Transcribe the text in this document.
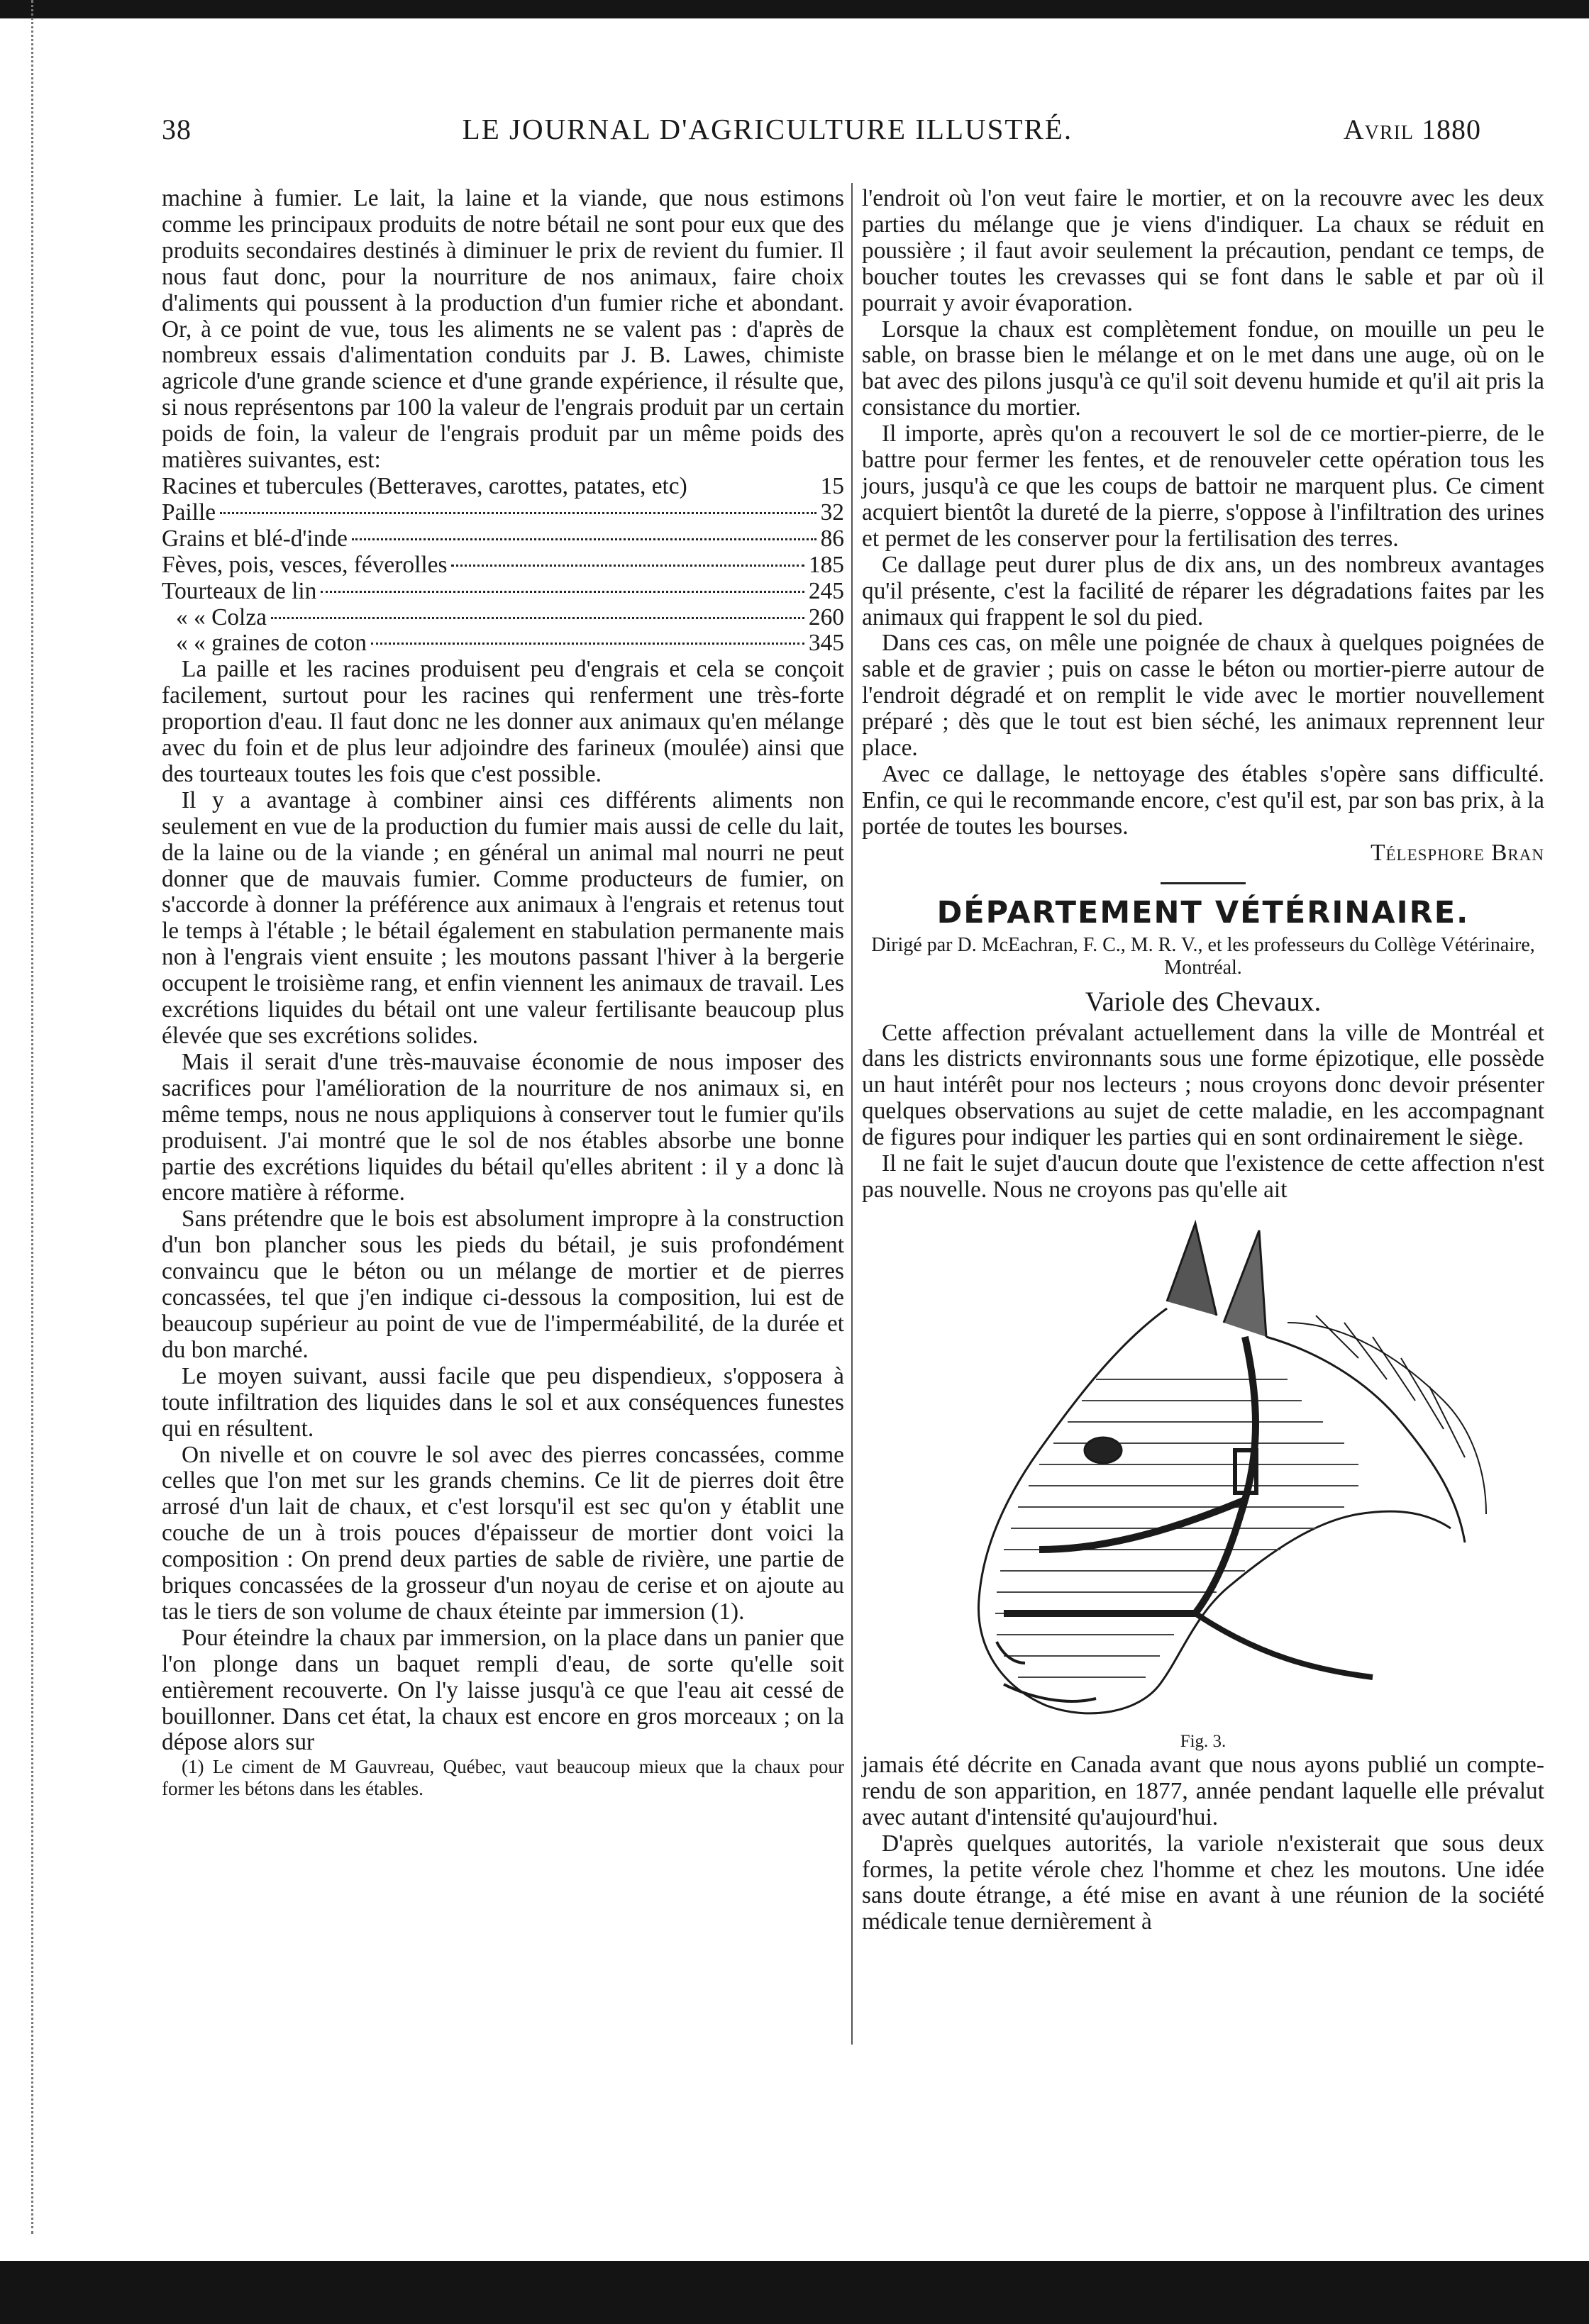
38	LE JOURNAL D'AGRICULTURE ILLUSTRÉ.	Avril 1880

machine à fumier. Le lait, la laine et la viande, que nous estimons comme les principaux produits de notre bétail ne sont pour eux que des produits secondaires destinés à diminuer le prix de revient du fumier. Il nous faut donc, pour la nourriture de nos animaux, faire choix d'aliments qui poussent à la production d'un fumier riche et abondant. Or, à ce point de vue, tous les aliments ne se valent pas : d'après de nombreux essais d'alimentation conduits par J. B. Lawes, chimiste agricole d'une grande science et d'une grande expérience, il résulte que, si nous représentons par 100 la valeur de l'engrais produit par un certain poids de foin, la valeur de l'engrais produit par un même poids des matières suivantes, est:

Racines et tubercules (Betteraves, carottes, patates, etc)	15
Paille	32
Grains et blé-d'inde	86
Fèves, pois, vesces, féverolles	185
Tourteaux de lin	245
« « Colza	260
« « graines de coton	345

La paille et les racines produisent peu d'engrais et cela se conçoit facilement, surtout pour les racines qui renferment une très-forte proportion d'eau. Il faut donc ne les donner aux animaux qu'en mélange avec du foin et de plus leur adjoindre des farineux (moulée) ainsi que des tourteaux toutes les fois que c'est possible.

Il y a avantage à combiner ainsi ces différents aliments non seulement en vue de la production du fumier mais aussi de celle du lait, de la laine ou de la viande ; en général un animal mal nourri ne peut donner que de mauvais fumier. Comme producteurs de fumier, on s'accorde à donner la préférence aux animaux à l'engrais et retenus tout le temps à l'étable ; le bétail également en stabulation permanente mais non à l'engrais vient ensuite ; les moutons passant l'hiver à la bergerie occupent le troisième rang, et enfin viennent les animaux de travail. Les excrétions liquides du bétail ont une valeur fertilisante beaucoup plus élevée que ses excrétions solides.

Mais il serait d'une très-mauvaise économie de nous imposer des sacrifices pour l'amélioration de la nourriture de nos animaux si, en même temps, nous ne nous appliquions à conserver tout le fumier qu'ils produisent. J'ai montré que le sol de nos étables absorbe une bonne partie des excrétions liquides du bétail qu'elles abritent : il y a donc là encore matière à réforme.

Sans prétendre que le bois est absolument impropre à la construction d'un bon plancher sous les pieds du bétail, je suis profondément convaincu que le béton ou un mélange de mortier et de pierres concassées, tel que j'en indique ci-dessous la composition, lui est de beaucoup supérieur au point de vue de l'imperméabilité, de la durée et du bon marché.

Le moyen suivant, aussi facile que peu dispendieux, s'opposera à toute infiltration des liquides dans le sol et aux conséquences funestes qui en résultent.

On nivelle et on couvre le sol avec des pierres concassées, comme celles que l'on met sur les grands chemins. Ce lit de pierres doit être arrosé d'un lait de chaux, et c'est lorsqu'il est sec qu'on y établit une couche de un à trois pouces d'épaisseur de mortier dont voici la composition : On prend deux parties de sable de rivière, une partie de briques concassées de la grosseur d'un noyau de cerise et on ajoute au tas le tiers de son volume de chaux éteinte par immersion (1).

Pour éteindre la chaux par immersion, on la place dans un panier que l'on plonge dans un baquet rempli d'eau, de sorte qu'elle soit entièrement recouverte. On l'y laisse jusqu'à ce que l'eau ait cessé de bouillonner. Dans cet état, la chaux est encore en gros morceaux ; on la dépose alors sur

(1) Le ciment de M Gauvreau, Québec, vaut beaucoup mieux que la chaux pour former les bétons dans les étables.

l'endroit où l'on veut faire le mortier, et on la recouvre avec les deux parties du mélange que je viens d'indiquer. La chaux se réduit en poussière ; il faut avoir seulement la précaution, pendant ce temps, de boucher toutes les crevasses qui se font dans le sable et par où il pourrait y avoir évaporation.

Lorsque la chaux est complètement fondue, on mouille un peu le sable, on brasse bien le mélange et on le met dans une auge, où on le bat avec des pilons jusqu'à ce qu'il soit devenu humide et qu'il ait pris la consistance du mortier.

Il importe, après qu'on a recouvert le sol de ce mortier-pierre, de le battre pour fermer les fentes, et de renouveler cette opération tous les jours, jusqu'à ce que les coups de battoir ne marquent plus. Ce ciment acquiert bientôt la dureté de la pierre, s'oppose à l'infiltration des urines et permet de les conserver pour la fertilisation des terres.

Ce dallage peut durer plus de dix ans, un des nombreux avantages qu'il présente, c'est la facilité de réparer les dégradations faites par les animaux qui frappent le sol du pied.

Dans ces cas, on mêle une poignée de chaux à quelques poignées de sable et de gravier ; puis on casse le béton ou mortier-pierre autour de l'endroit dégradé et on remplit le vide avec le mortier nouvellement préparé ; dès que le tout est bien séché, les animaux reprennent leur place.

Avec ce dallage, le nettoyage des étables s'opère sans difficulté. Enfin, ce qui le recommande encore, c'est qu'il est, par son bas prix, à la portée de toutes les bourses.

Télesphore Bran
DÉPARTEMENT VÉTÉRINAIRE.
Dirigé par D. McEachran, F. C., M. R. V., et les professeurs du Collège Vétérinaire, Montréal.
Variole des Chevaux.

Cette affection prévalant actuellement dans la ville de Montréal et dans les districts environnants sous une forme épizotique, elle possède un haut intérêt pour nos lecteurs ; nous croyons donc devoir présenter quelques observations au sujet de cette maladie, en les accompagnant de figures pour indiquer les parties qui en sont ordinairement le siège.

Il ne fait le sujet d'aucun doute que l'existence de cette affection n'est pas nouvelle. Nous ne croyons pas qu'elle ait

Fig. 3.

jamais été décrite en Canada avant que nous ayons publié un compte-rendu de son apparition, en 1877, année pendant laquelle elle prévalut avec autant d'intensité qu'aujourd'hui.

D'après quelques autorités, la variole n'existerait que sous deux formes, la petite vérole chez l'homme et chez les moutons. Une idée sans doute étrange, a été mise en avant à une réunion de la société médicale tenue dernièrement à
